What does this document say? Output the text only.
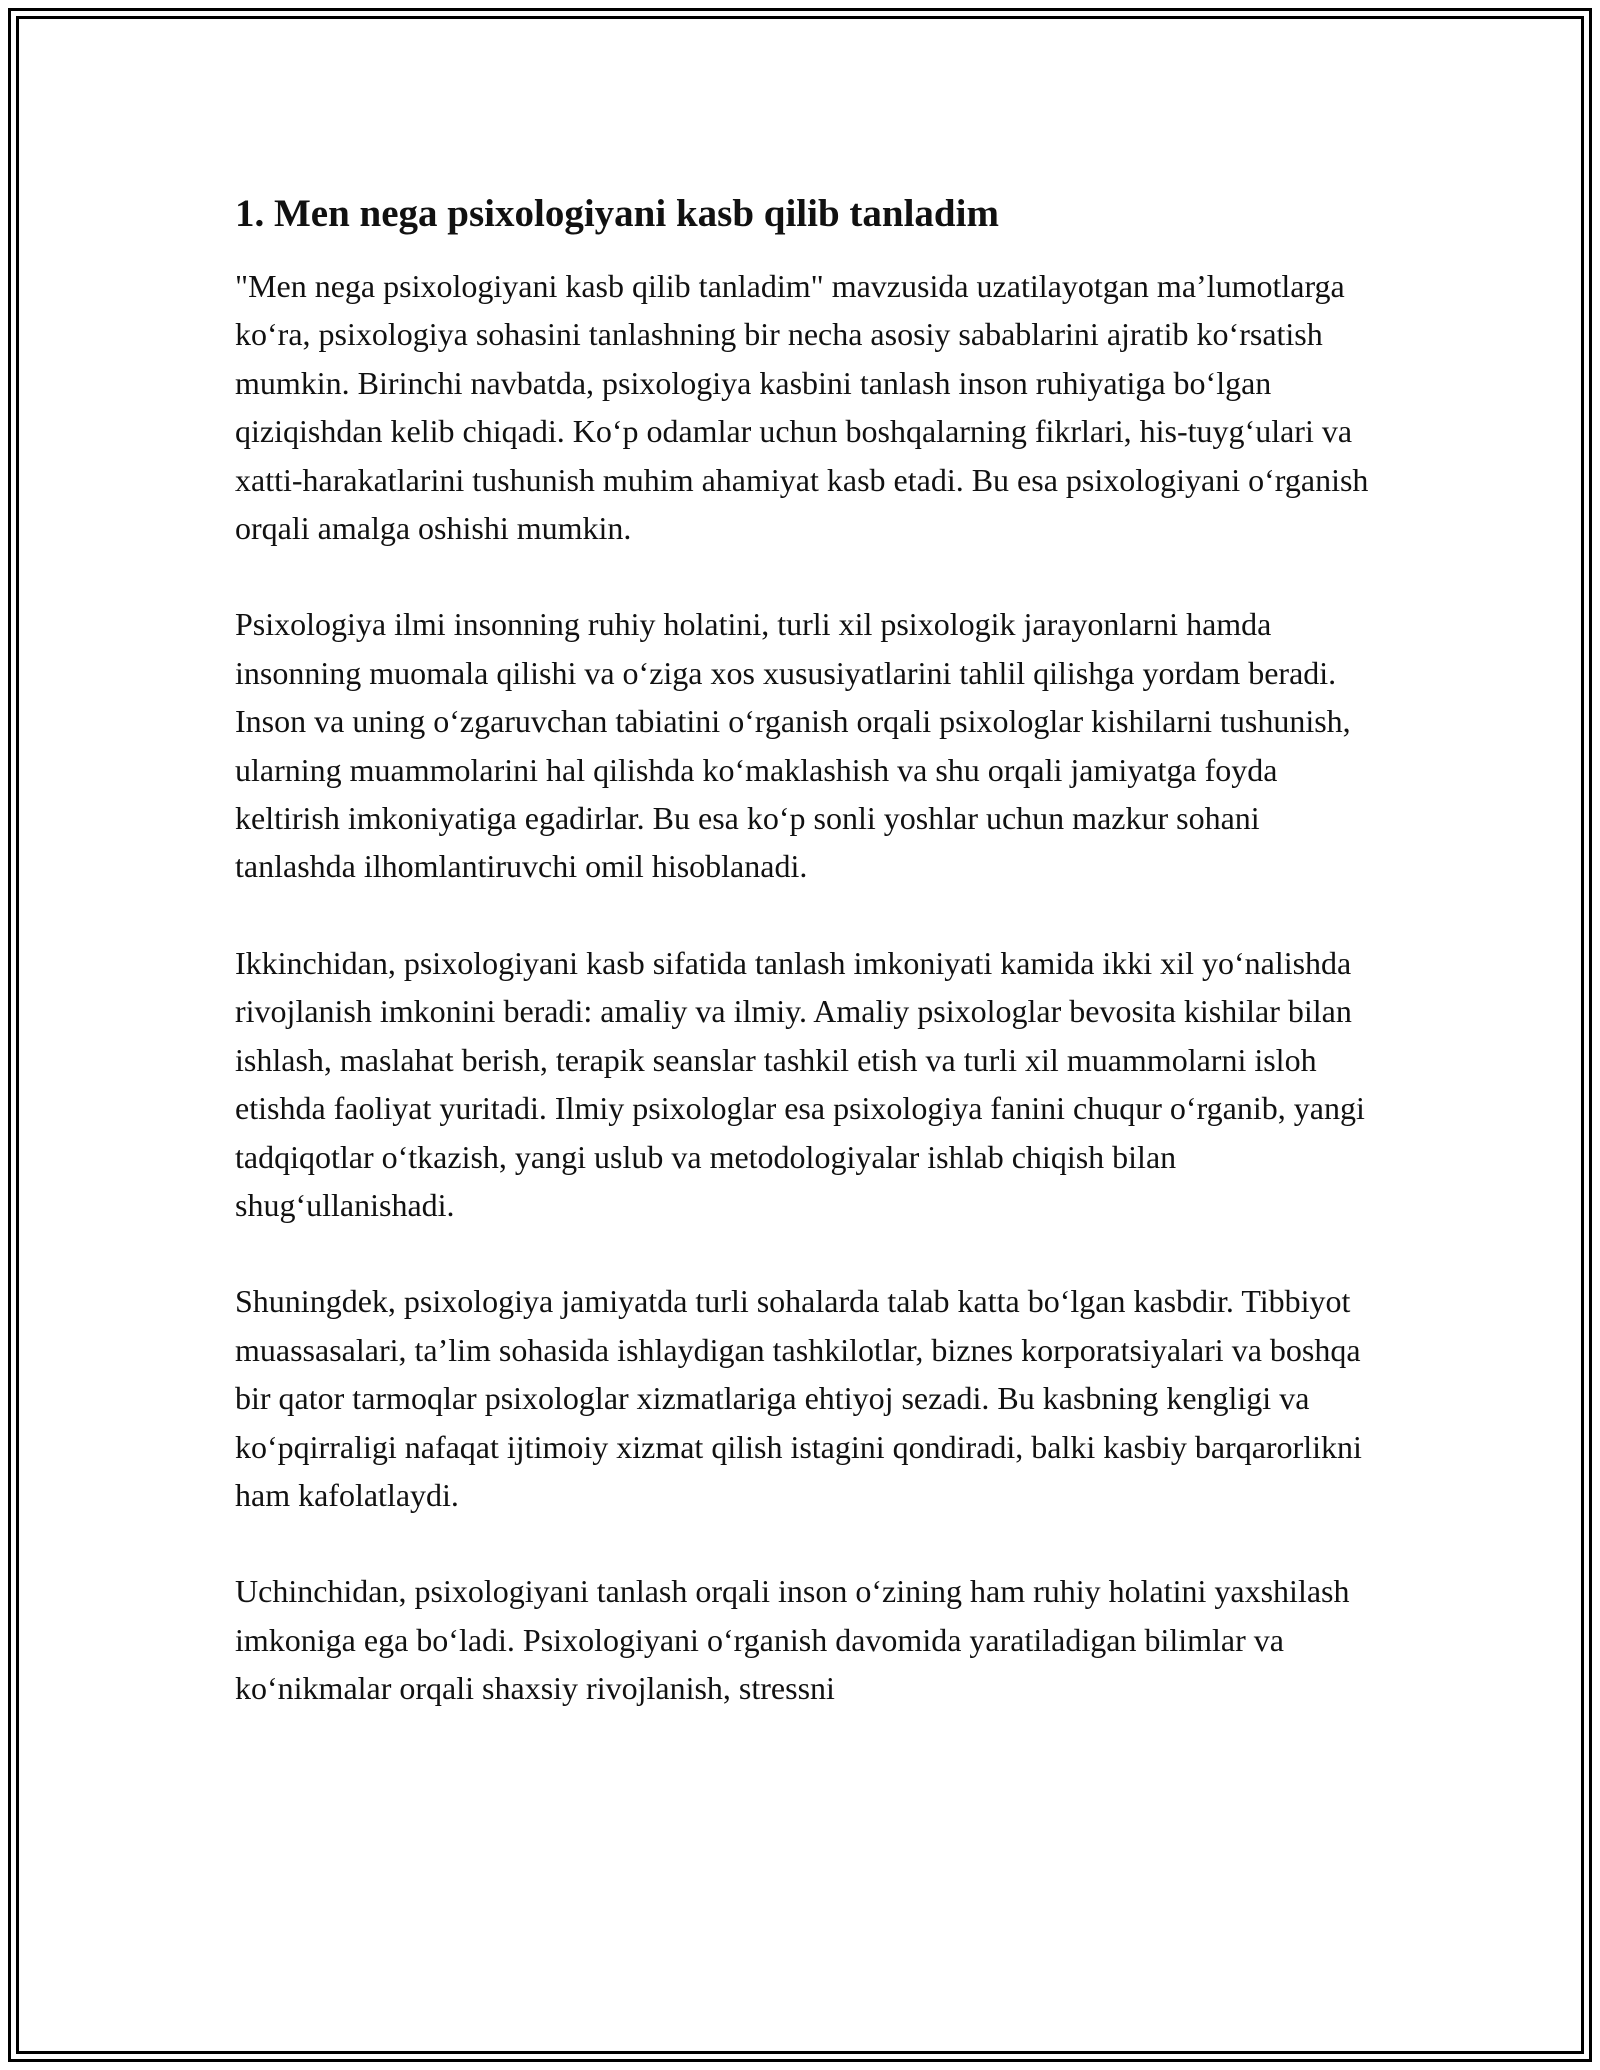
1. Men nega psixologiyani kasb qilib tanladim

"Men nega psixologiyani kasb qilib tanladim" mavzusida uzatilayotgan ma’lumotlarga ko‘ra, psixologiya sohasini tanlashning bir necha asosiy sabablarini ajratib ko‘rsatish mumkin. Birinchi navbatda, psixologiya kasbini tanlash inson ruhiyatiga bo‘lgan qiziqishdan kelib chiqadi. Ko‘p odamlar uchun boshqalarning fikrlari, his-tuyg‘ulari va xatti-harakatlarini tushunish muhim ahamiyat kasb etadi. Bu esa psixologiyani o‘rganish orqali amalga oshishi mumkin.

Psixologiya ilmi insonning ruhiy holatini, turli xil psixologik jarayonlarni hamda insonning muomala qilishi va o‘ziga xos xususiyatlarini tahlil qilishga yordam beradi. Inson va uning o‘zgaruvchan tabiatini o‘rganish orqali psixologlar kishilarni tushunish, ularning muammolarini hal qilishda ko‘maklashish va shu orqali jamiyatga foyda keltirish imkoniyatiga egadirlar. Bu esa ko‘p sonli yoshlar uchun mazkur sohani tanlashda ilhomlantiruvchi omil hisoblanadi.

Ikkinchidan, psixologiyani kasb sifatida tanlash imkoniyati kamida ikki xil yo‘nalishda rivojlanish imkonini beradi: amaliy va ilmiy. Amaliy psixologlar bevosita kishilar bilan ishlash, maslahat berish, terapik seanslar tashkil etish va turli xil muammolarni isloh etishda faoliyat yuritadi. Ilmiy psixologlar esa psixologiya fanini chuqur o‘rganib, yangi tadqiqotlar o‘tkazish, yangi uslub va metodologiyalar ishlab chiqish bilan shug‘ullanishadi.

Shuningdek, psixologiya jamiyatda turli sohalarda talab katta bo‘lgan kasbdir. Tibbiyot muassasalari, ta’lim sohasida ishlaydigan tashkilotlar, biznes korporatsiyalari va boshqa bir qator tarmoqlar psixologlar xizmatlariga ehtiyoj sezadi. Bu kasbning kengligi va ko‘pqirraligi nafaqat ijtimoiy xizmat qilish istagini qondiradi, balki kasbiy barqarorlikni ham kafolatlaydi.

Uchinchidan, psixologiyani tanlash orqali inson o‘zining ham ruhiy holatini yaxshilash imkoniga ega bo‘ladi. Psixologiyani o‘rganish davomida yaratiladigan bilimlar va ko‘nikmalar orqali shaxsiy rivojlanish, stressni
